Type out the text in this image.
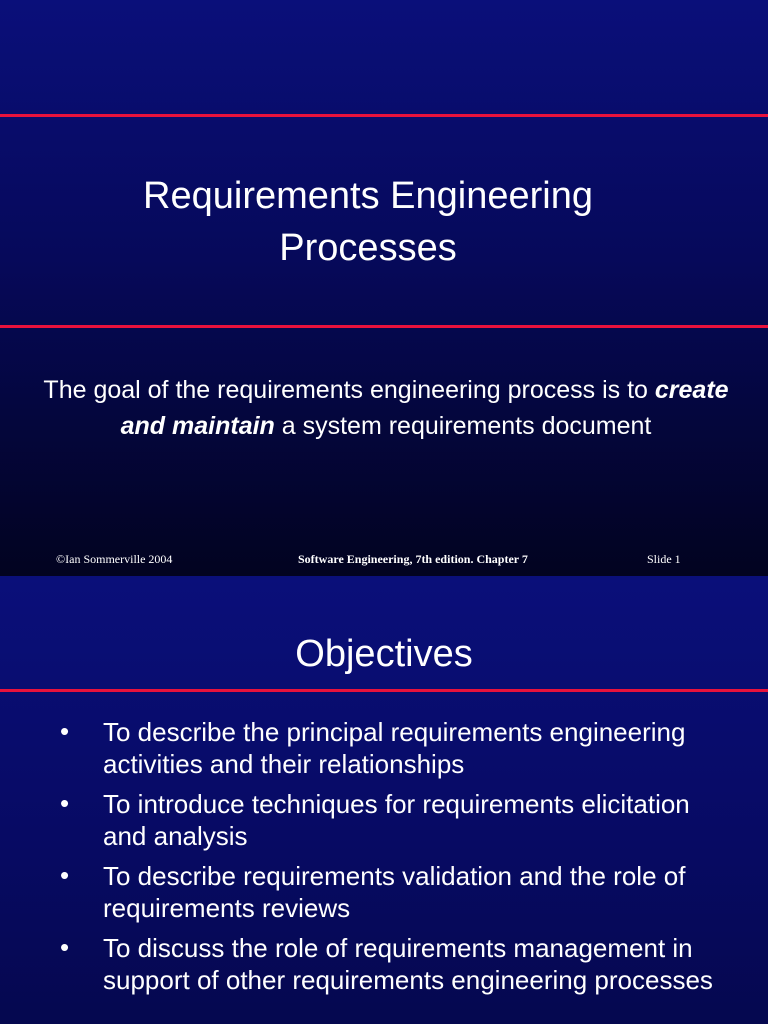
Requirements Engineering
Processes
The goal of the requirements engineering process is to create and maintain a system requirements document
©Ian Sommerville 2004	Software Engineering, 7th edition. Chapter 7	Slide 1
Objectives
• To describe the principal requirements engineering activities and their relationships
• To introduce techniques for requirements elicitation and analysis
• To describe requirements validation and the role of requirements reviews
• To discuss the role of requirements management in support of other requirements engineering processes
